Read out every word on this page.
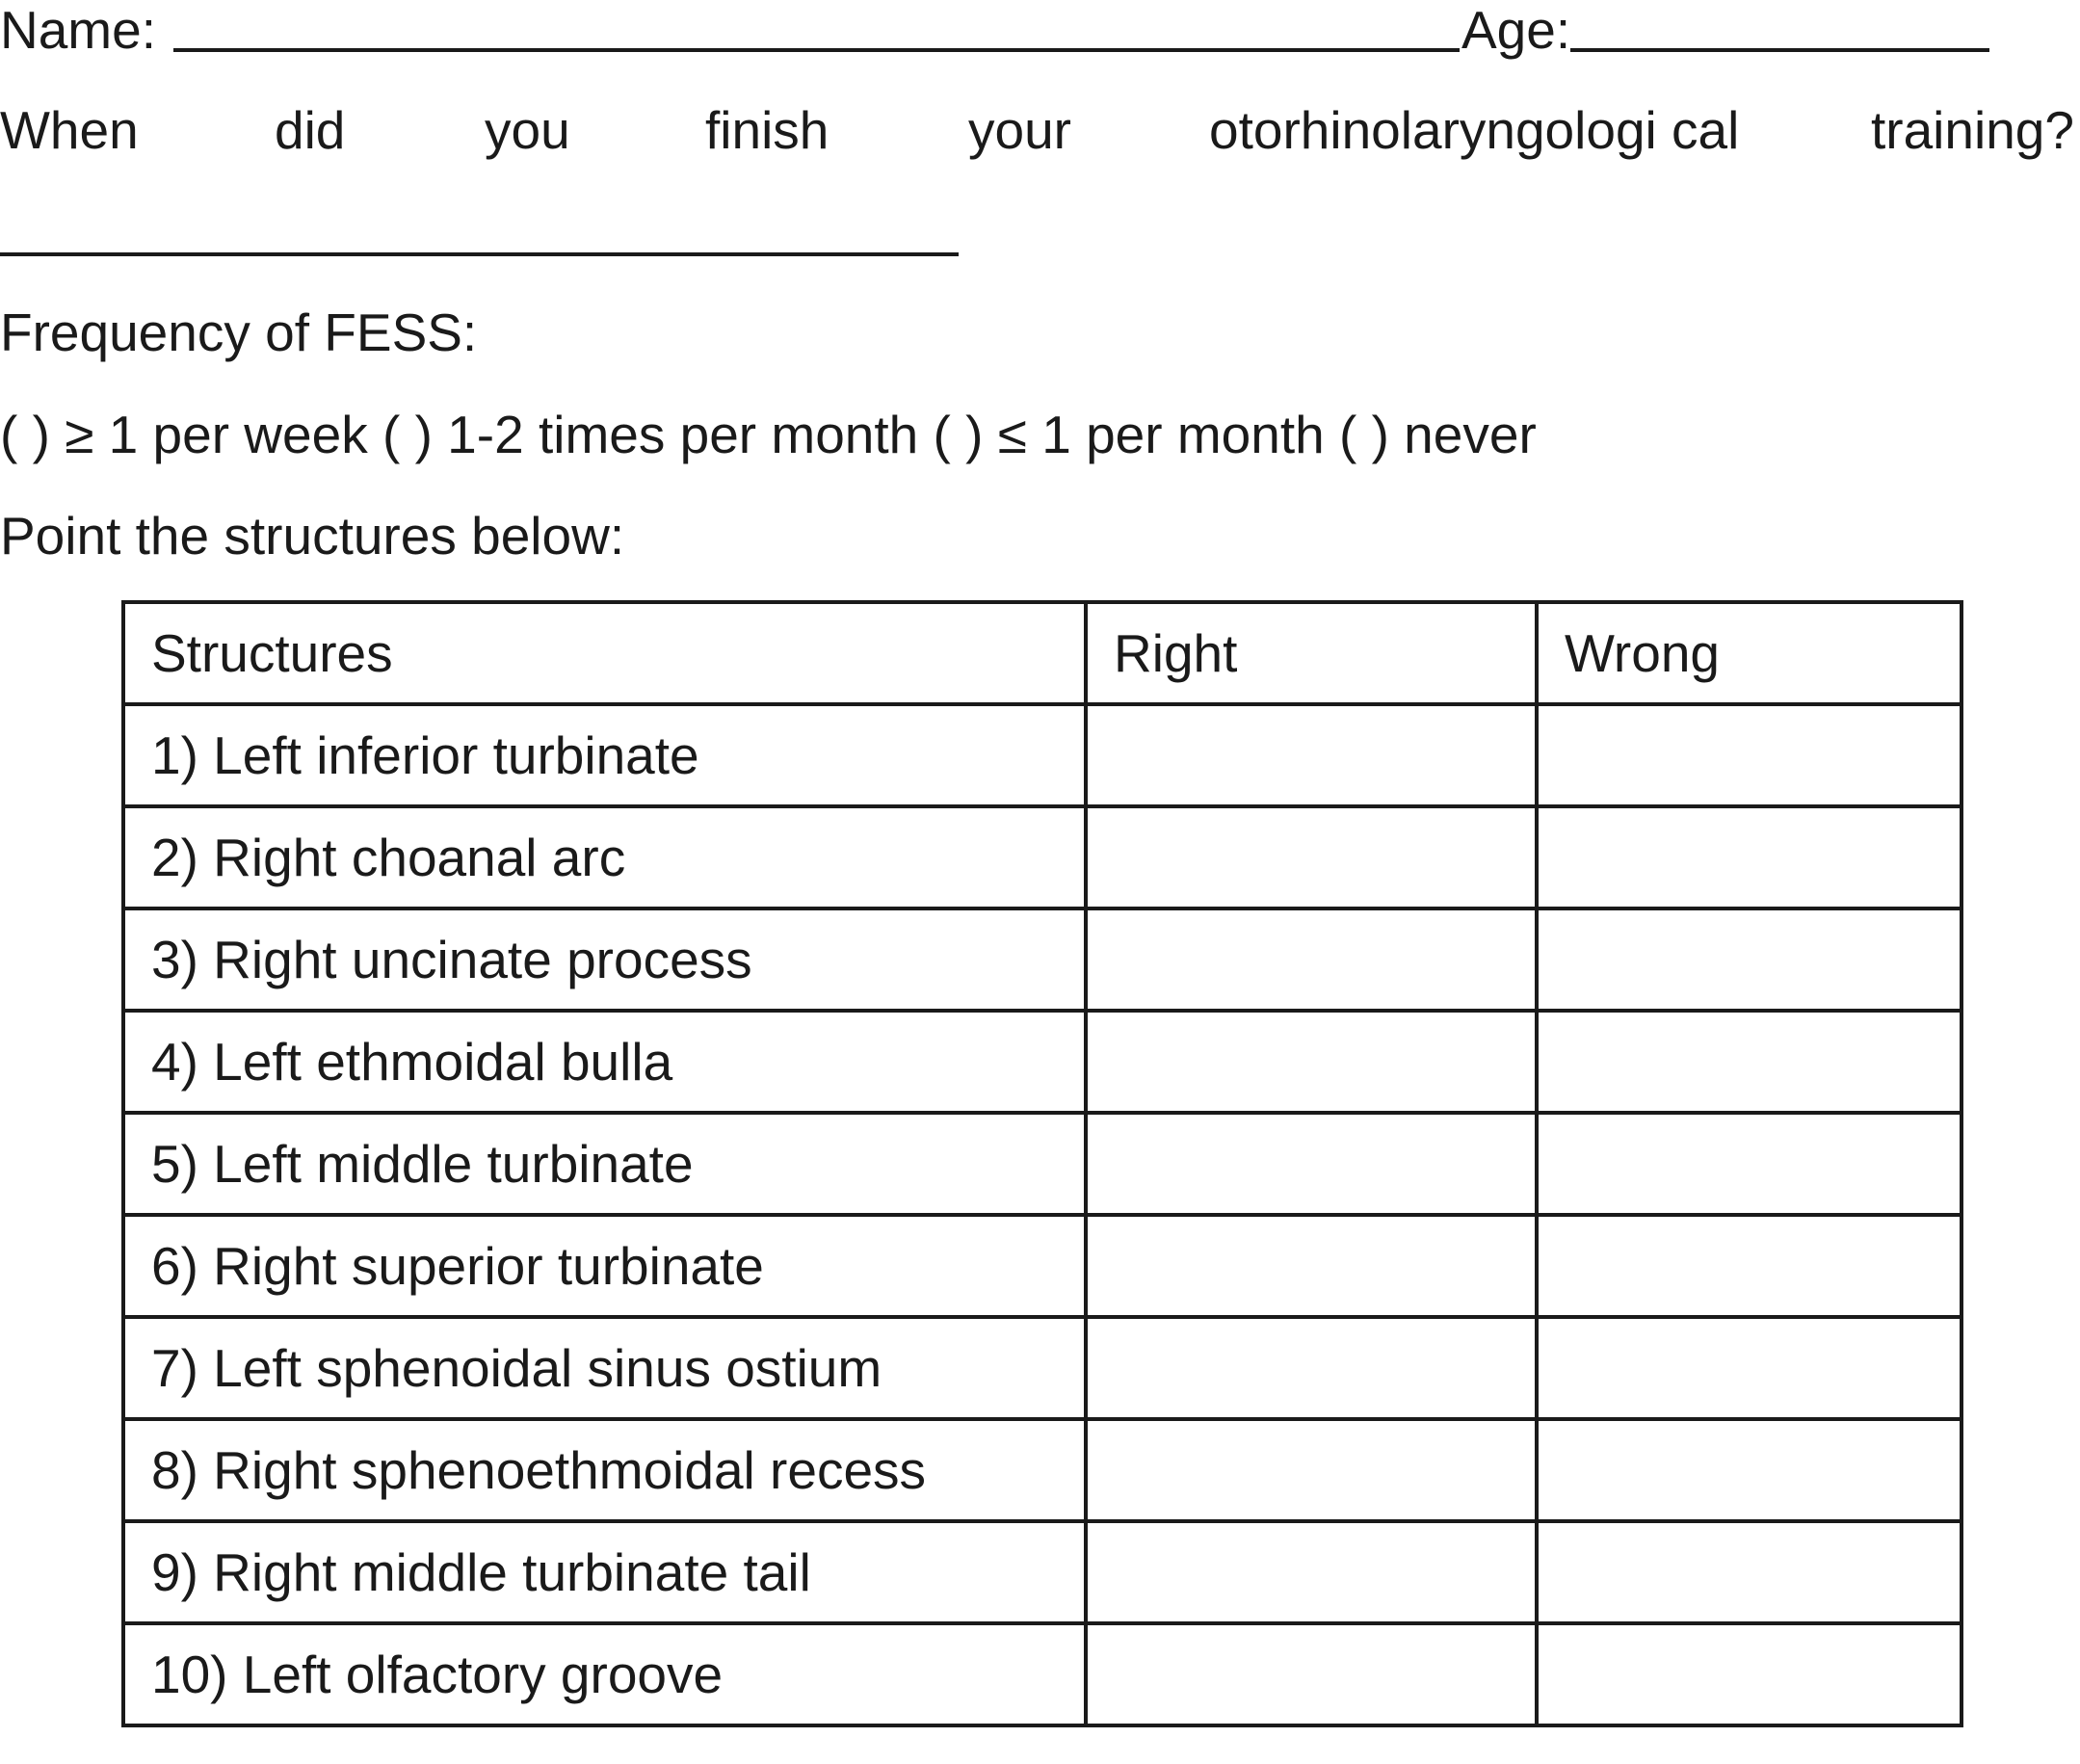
Name:	Age:
When	did	you	finish	your	otorhinolaryngologi cal training?
Frequency of FESS:
( ) ≥ 1 per week ( ) 1-2 times per month ( ) ≤ 1 per month ( ) never
Point the structures below:
Structures	Right	Wrong
1) Left inferior turbinate		
2) Right choanal arc		
3) Right uncinate process		
4) Left ethmoidal bulla		
5) Left middle turbinate		
6) Right superior turbinate		
7) Left sphenoidal sinus ostium		
8) Right sphenoethmoidal recess		
9) Right middle turbinate tail		
10) Left olfactory groove		
